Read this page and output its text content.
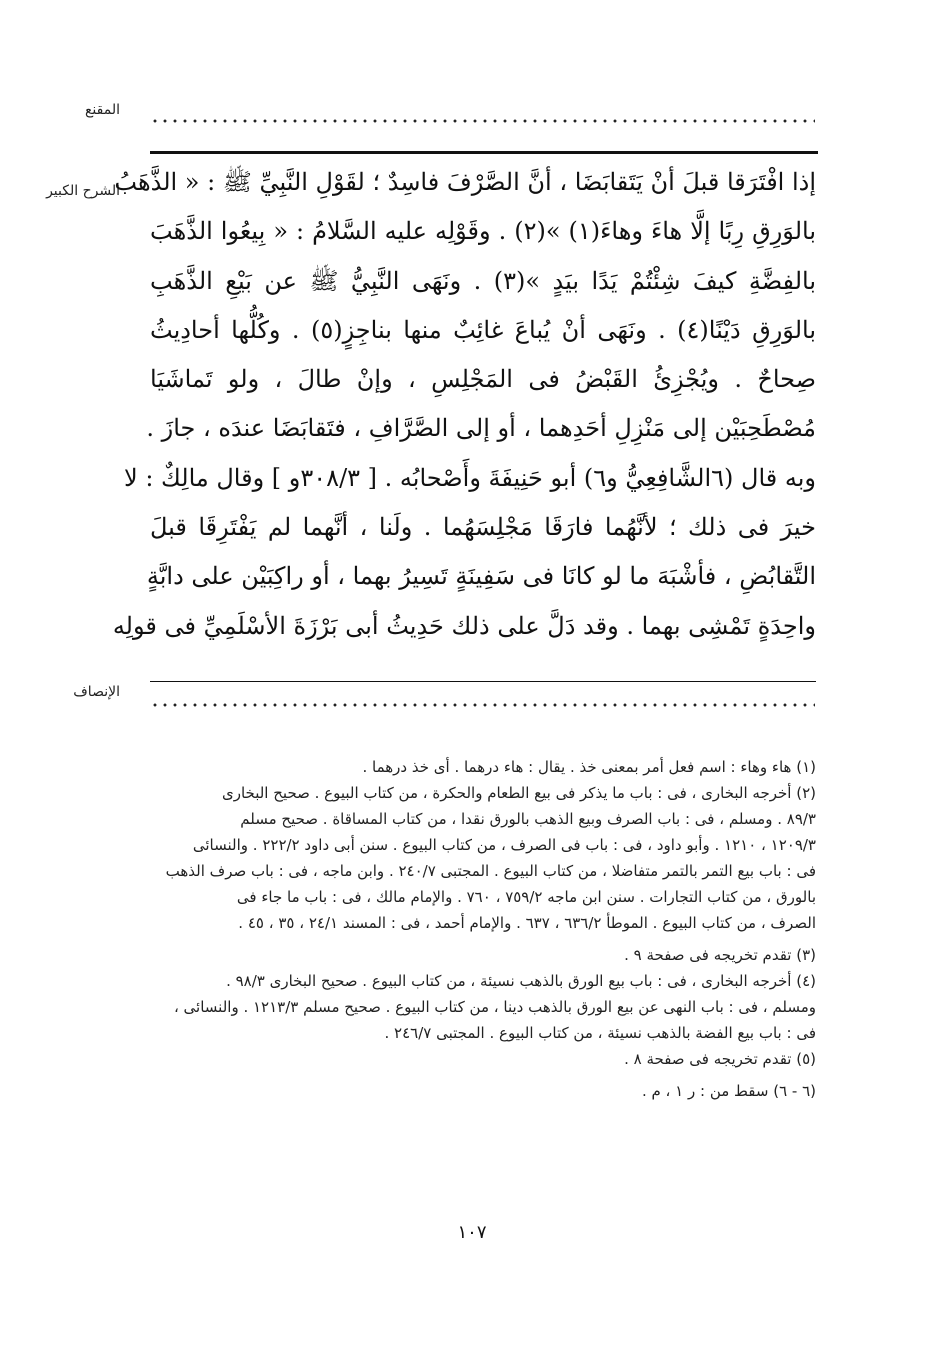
المقنع
الشرح الكبير
الإنصاف
إذا افْتَرَقا قبلَ أنْ يَتَقابَضَا ، أنَّ الصَّرْفَ فاسِدٌ ؛ لقَوْلِ النَّبِيِّ ﷺ : « الذَّهَبُ
بالوَرِقِ رِبًا إلَّا هاءَ وهاءَ(١) »(٢) . وقَوْلِه عليه السَّلامُ : « بِيعُوا الذَّهَبَ
بالفِضَّةِ كيفَ شِئْتُمْ يَدًا بيَدٍ »(٣) . ونَهَى النَّبِيُّ ﷺ عن بَيْعِ الذَّهَبِ
بالوَرِقِ دَيْنًا(٤) . ونَهَى أنْ يُباعَ غائِبٌ منها بناجِزٍ(٥) . وكُلُّها أحادِيثُ
صِحاحٌ . ويُجْزِئُ القَبْضُ فى المَجْلِسِ ، وإنْ طالَ ، ولو تَماشَيَا
مُصْطَحِبَيْن إلى مَنْزِلِ أحَدِهما ، أو إلى الصَّرَّافِ ، فتَقابَضَا عندَه ، جازَ .
وبه قال (٦الشَّافِعِيُّ و٦) أبو حَنِيفَةَ وأَصْحابُه . [ ٣٠٨/٣و ] وقال مالِكٌ : لا
خيرَ فى ذلك ؛ لأنَّهُما فارَقَا مَجْلِسَهُما . ولَنا ، أنَّهما لم يَفْتَرِقَا قبلَ
التَّقابُضِ ، فأشْبَهَ ما لو كانَا فى سَفِينَةٍ تَسِيرُ بهما ، أو راكِبَيْن على دابَّةٍ
واحِدَةٍ تَمْشِى بهما . وقد دَلَّ على ذلك حَدِيثُ أبى بَرْزَةَ الأسْلَمِيِّ فى قولِه
(١) هاء وهاء : اسم فعل أمر بمعنى خذ . يقال : هاء درهما . أى خذ درهما .
(٢) أخرجه البخارى ، فى : باب ما يذكر فى بيع الطعام والحكرة ، من كتاب البيوع . صحيح البخارى
٨٩/٣ . ومسلم ، فى : باب الصرف وبيع الذهب بالورق نقدا ، من كتاب المساقاة . صحيح مسلم
١٢٠٩/٣ ، ١٢١٠ . وأبو داود ، فى : باب فى الصرف ، من كتاب البيوع . سنن أبى داود ٢٢٢/٢ . والنسائى
فى : باب بيع التمر بالتمر متفاضلا ، من كتاب البيوع . المجتبى ٢٤٠/٧ . وابن ماجه ، فى : باب صرف الذهب
بالورق ، من كتاب التجارات . سنن ابن ماجه ٧٥٩/٢ ، ٧٦٠ . والإمام مالك ، فى : باب ما جاء فى
الصرف ، من كتاب البيوع . الموطأ ٦٣٦/٢ ، ٦٣٧ . والإمام أحمد ، فى : المسند ٢٤/١ ، ٣٥ ، ٤٥ .
(٣) تقدم تخريجه فى صفحة ٩ .
(٤) أخرجه البخارى ، فى : باب بيع الورق بالذهب نسيئة ، من كتاب البيوع . صحيح البخارى ٩٨/٣ .
ومسلم ، فى : باب النهى عن بيع الورق بالذهب دينا ، من كتاب البيوع . صحيح مسلم ١٢١٣/٣ . والنسائى ،
فى : باب بيع الفضة بالذهب نسيئة ، من كتاب البيوع . المجتبى ٢٤٦/٧ .
(٥) تقدم تخريجه فى صفحة ٨ .
(٦ - ٦) سقط من : ر ١ ، م .
١٠٧
